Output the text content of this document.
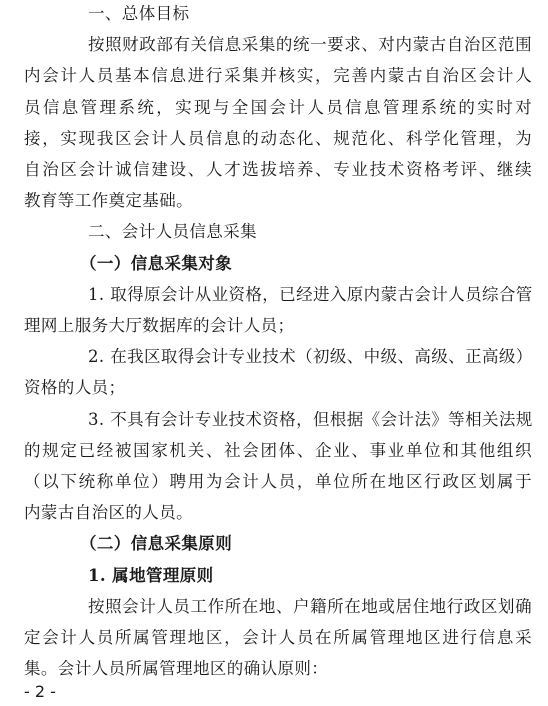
一、总体目标
按照财政部有关信息采集的统一要求、对内蒙古自治区范围
内会计人员基本信息进行采集并核实，完善内蒙古自治区会计人
员信息管理系统，实现与全国会计人员信息管理系统的实时对
接，实现我区会计人员信息的动态化、规范化、科学化管理，为
自治区会计诚信建设、人才选拔培养、专业技术资格考评、继续
教育等工作奠定基础。
二、会计人员信息采集
（一）信息采集对象
1. 取得原会计从业资格，已经进入原内蒙古会计人员综合管
理网上服务大厅数据库的会计人员；
2. 在我区取得会计专业技术（初级、中级、高级、正高级）
资格的人员；
3. 不具有会计专业技术资格，但根据《会计法》等相关法规
的规定已经被国家机关、社会团体、企业、事业单位和其他组织
（以下统称单位）聘用为会计人员，单位所在地区行政区划属于
内蒙古自治区的人员。
（二）信息采集原则
1. 属地管理原则
- 2 -
按照会计人员工作所在地、户籍所在地或居住地行政区划确
定会计人员所属管理地区，会计人员在所属管理地区进行信息采
集。会计人员所属管理地区的确认原则：
